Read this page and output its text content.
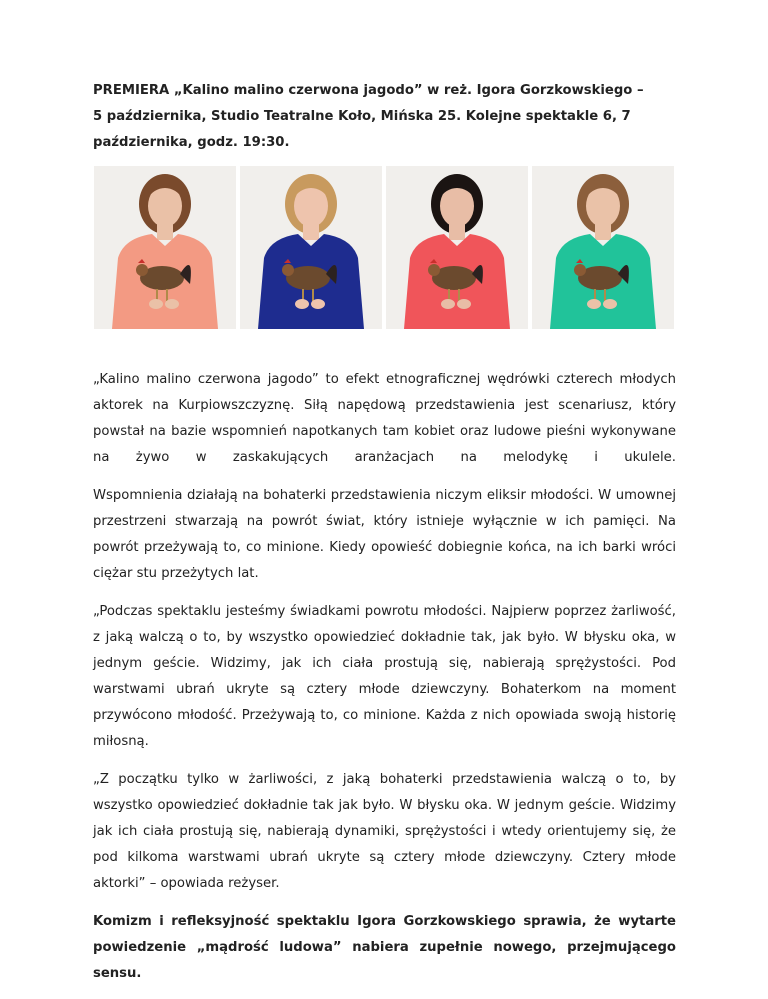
PREMIERA „Kalino malino czerwona jagodo” w reż. Igora Gorzkowskiego –

5 października, Studio Teatralne Koło, Mińska 25. Kolejne spektakle 6, 7

października, godz. 19:30.

„Kalino malino czerwona jagodo” to efekt etnograficznej wędrówki czterech młodych aktorek na Kurpiowszczyznę. Siłą napędową przedstawienia jest scenariusz, który powstał na bazie wspomnień napotkanych tam kobiet oraz ludowe pieśni wykonywane na żywo w zaskakujących aranżacjach na melodykę i ukulele.

Wspomnienia działają na bohaterki przedstawienia niczym eliksir młodości. W umownej przestrzeni stwarzają na powrót świat, który istnieje wyłącznie w ich pamięci. Na powrót przeżywają to, co minione. Kiedy opowieść dobiegnie końca, na ich barki wróci ciężar stu przeżytych lat.

„Podczas spektaklu jesteśmy świadkami powrotu młodości. Najpierw poprzez żarliwość, z jaką walczą o to, by wszystko opowiedzieć dokładnie tak, jak było. W błysku oka, w jednym geście. Widzimy, jak ich ciała prostują się, nabierają sprężystości. Pod warstwami ubrań ukryte są cztery młode dziewczyny. Bohaterkom na moment przywócono młodość. Przeżywają to, co minione. Każda z nich opowiada swoją historię miłosną.

„Z początku tylko w żarliwości, z jaką bohaterki przedstawienia walczą o to, by wszystko opowiedzieć dokładnie tak jak było. W błysku oka. W jednym geście. Widzimy jak ich ciała prostują się, nabierają dynamiki, sprężystości i wtedy orientujemy się, że pod kilkoma warstwami ubrań ukryte są cztery młode dziewczyny. Cztery młode aktorki” – opowiada reżyser.

Komizm i refleksyjność spektaklu Igora Gorzkowskiego sprawia, że wytarte powiedzenie „mądrość ludowa” nabiera zupełnie nowego, przejmującego sensu.
